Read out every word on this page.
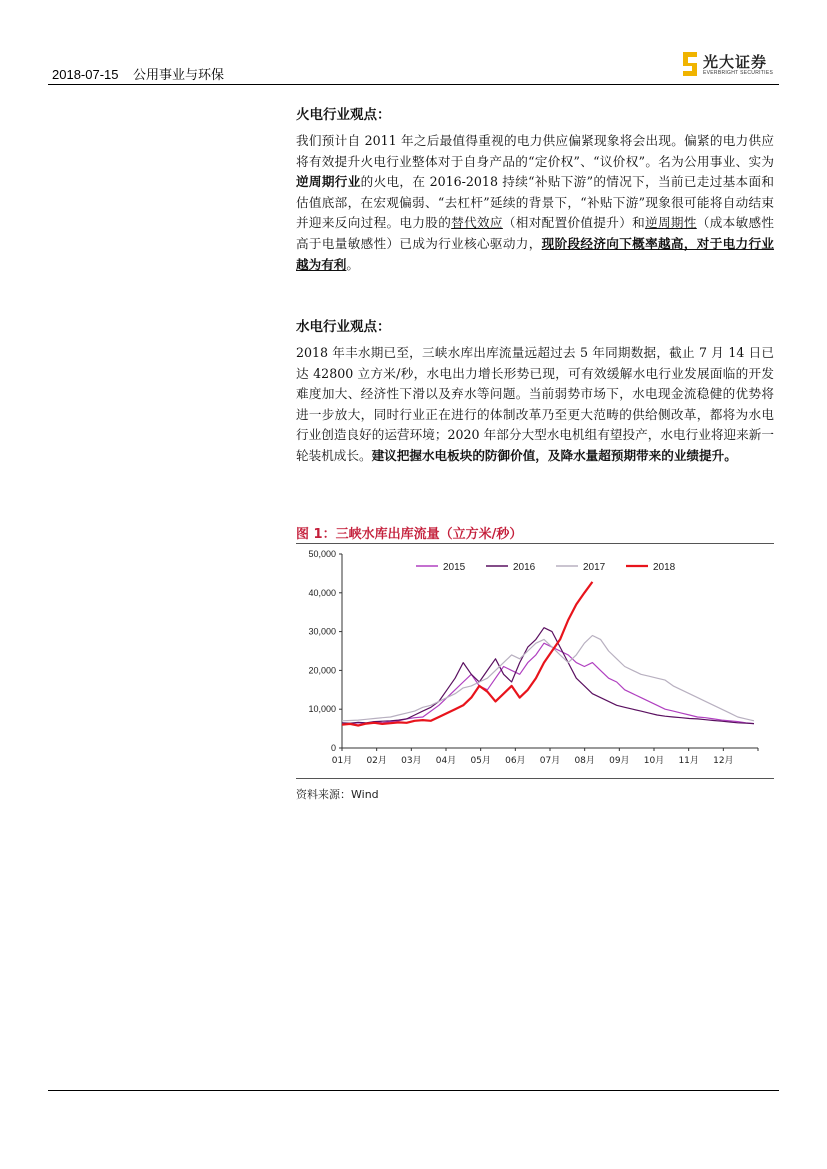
2018-07-15    公用事业与环保
光大证券
EVERBRIGHT SECURITIES
火电行业观点：

我们预计自 2011 年之后最值得重视的电力供应偏紧现象将会出现。偏紧的电力供应将有效提升火电行业整体对于自身产品的“定价权”、“议价权”。名为公用事业、实为逆周期行业的火电，在 2016-2018 持续“补贴下游”的情况下，当前已走过基本面和估值底部，在宏观偏弱、“去杠杆”延续的背景下，“补贴下游”现象很可能将自动结束并迎来反向过程。电力股的替代效应（相对配置价值提升）和逆周期性（成本敏感性高于电量敏感性）已成为行业核心驱动力，现阶段经济向下概率越高，对于电力行业越为有利。

水电行业观点：

2018 年丰水期已至，三峡水库出库流量远超过去 5 年同期数据，截止 7 月 14 日已达 42800 立方米/秒，水电出力增长形势已现，可有效缓解水电行业发展面临的开发难度加大、经济性下滑以及弃水等问题。当前弱势市场下，水电现金流稳健的优势将进一步放大，同时行业正在进行的体制改革乃至更大范畴的供给侧改革，都将为水电行业创造良好的运营环境；2020 年部分大型水电机组有望投产，水电行业将迎来新一轮装机成长。建议把握水电板块的防御价值，及降水量超预期带来的业绩提升。

图 1：三峡水库出库流量（立方米/秒）
50,000
40,000
30,000
20,000
10,000
0
01月 02月 03月 04月 05月 06月 07月 08月 09月 10月 11月 12月
2015	2016	2017	2018
资料来源：Wind
